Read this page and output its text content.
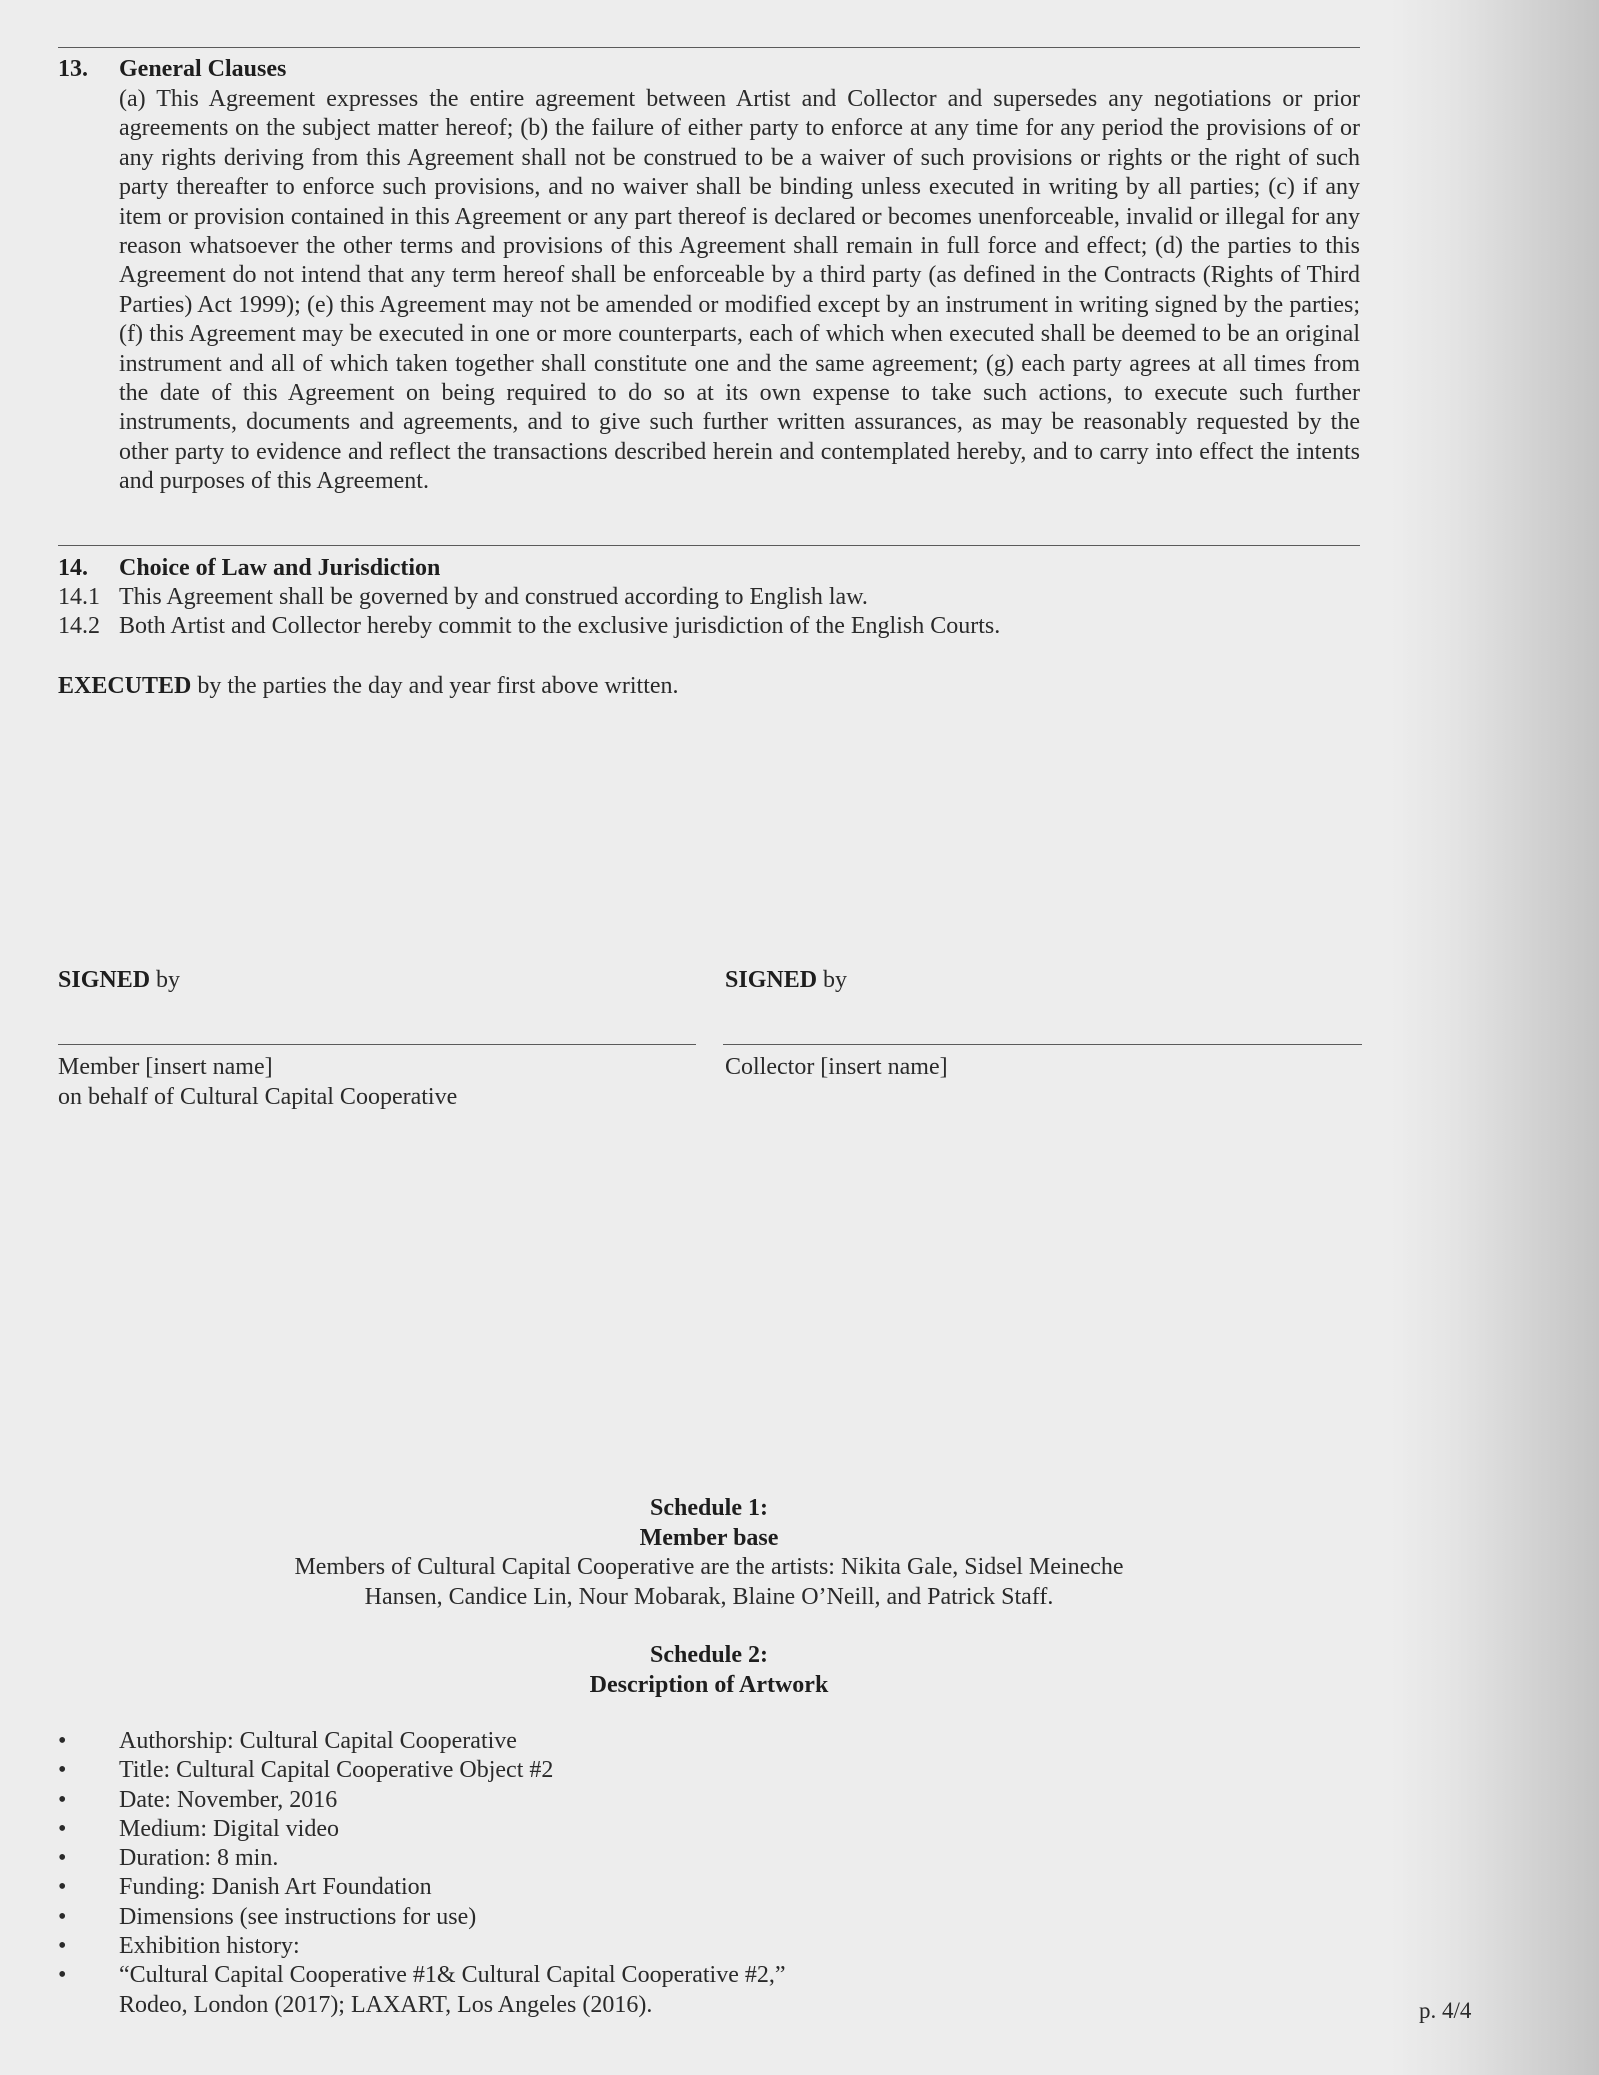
13. General Clauses
(a) This Agreement expresses the entire agreement between Artist and Collector and supersedes any negotiations or prior agreements on the subject matter hereof; (b) the failure of either party to enforce at any time for any period the provisions of or any rights deriving from this Agreement shall not be construed to be a waiver of such provisions or rights or the right of such party thereafter to enforce such provisions, and no waiver shall be binding unless executed in writing by all parties; (c) if any item or provision contained in this Agreement or any part thereof is declared or becomes unenforceable, invalid or illegal for any reason whatsoever the other terms and provisions of this Agreement shall remain in full force and effect; (d) the parties to this Agreement do not intend that any term hereof shall be enforceable by a third party (as defined in the Contracts (Rights of Third Parties) Act 1999); (e) this Agreement may not be amended or modified except by an instrument in writing signed by the parties; (f) this Agreement may be executed in one or more counterparts, each of which when executed shall be deemed to be an original instrument and all of which taken together shall constitute one and the same agreement; (g) each party agrees at all times from the date of this Agreement on being required to do so at its own expense to take such actions, to execute such further instruments, documents and agreements, and to give such further written assurances, as may be reasonably requested by the other party to evidence and reflect the transactions described herein and contemplated hereby, and to carry into effect the intents and purposes of this Agreement.
14. Choice of Law and Jurisdiction
14.1 This Agreement shall be governed by and construed according to English law.
14.2 Both Artist and Collector hereby commit to the exclusive jurisdiction of the English Courts.
EXECUTED by the parties the day and year first above written.
SIGNED by	SIGNED by
Member [insert name]
on behalf of Cultural Capital Cooperative
Collector [insert name]
Schedule 1:
Member base
Members of Cultural Capital Cooperative are the artists: Nikita Gale, Sidsel Meineche
Hansen, Candice Lin, Nour Mobarak, Blaine O’Neill, and Patrick Staff.
Schedule 2:
Description of Artwork
• Authorship: Cultural Capital Cooperative
• Title: Cultural Capital Cooperative Object #2
• Date: November, 2016
• Medium: Digital video
• Duration: 8 min.
• Funding: Danish Art Foundation
• Dimensions (see instructions for use)
• Exhibition history:
• “Cultural Capital Cooperative #1& Cultural Capital Cooperative #2,”
Rodeo, London (2017); LAXART, Los Angeles (2016).	p. 4/4
